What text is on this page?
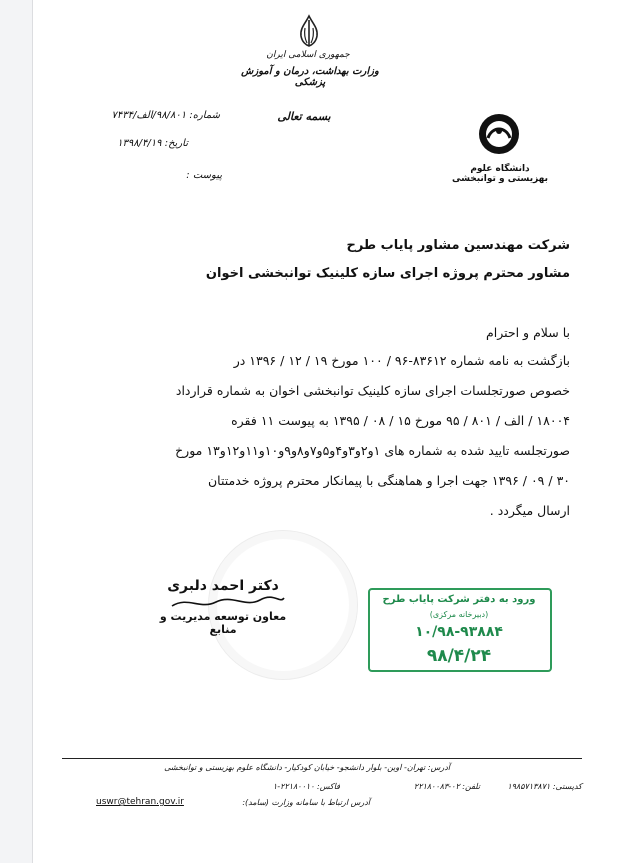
جمهوری اسلامی ایران
وزارت بهداشت، درمان و آموزش پزشکی
بسمه تعالی
دانشگاه علوم بهزیستی و توانبخشی
شماره: ۹۸/۸۰۱/الف/۷۴۳۴
تاریخ: ۱۳۹۸/۴/۱۹
پیوست :
شرکت مهندسین مشاور پایاب طرح
مشاور محترم پروژه اجرای سازه کلینیک توانبخشی اخوان
با سلام و احترام
بازگشت به نامه شماره ۸۳۶۱۲-۹۶ / ۱۰۰ مورخ ۱۹ / ۱۲ / ۱۳۹۶ در
خصوص صورتجلسات اجرای سازه کلینیک توانبخشی اخوان به شماره قرارداد
۱۸۰۰۴ / الف / ۸۰۱ / ۹۵ مورخ ۱۵ / ۰۸ / ۱۳۹۵ به پیوست ۱۱ فقره
صورتجلسه تایید شده به شماره های ۱و۲و۳و۴و۵و۷و۸و۹و۱۰و۱۱و۱۲و۱۳ مورخ
۳۰ / ۰۹ / ۱۳۹۶ جهت اجرا و هماهنگی با پیمانکار محترم پروژه خدمتتان
ارسال میگردد .
دکتر احمد دلبری
معاون توسعه مدیریت و منابع
ورود به دفتر شرکت پایاب طرح
(دبیرخانه مرکزی)
۱۰/۹۸-۹۳۸۸۴
۹۸/۴/۲۴
آدرس: تهران- اوین- بلوار دانشجو- خیابان کودکیار- دانشگاه علوم بهزیستی و توانبخشی
کدپستی: ۱۹۸۵۷۱۳۸۷۱
تلفن: ۰۲-۲۲۱۸۰۰۸۳
فاکس: ۲۲۱۸۰۰۱۰-۱
آدرس ارتباط با سامانه وزارت (سامد):
uswr@tehran.gov.ir
